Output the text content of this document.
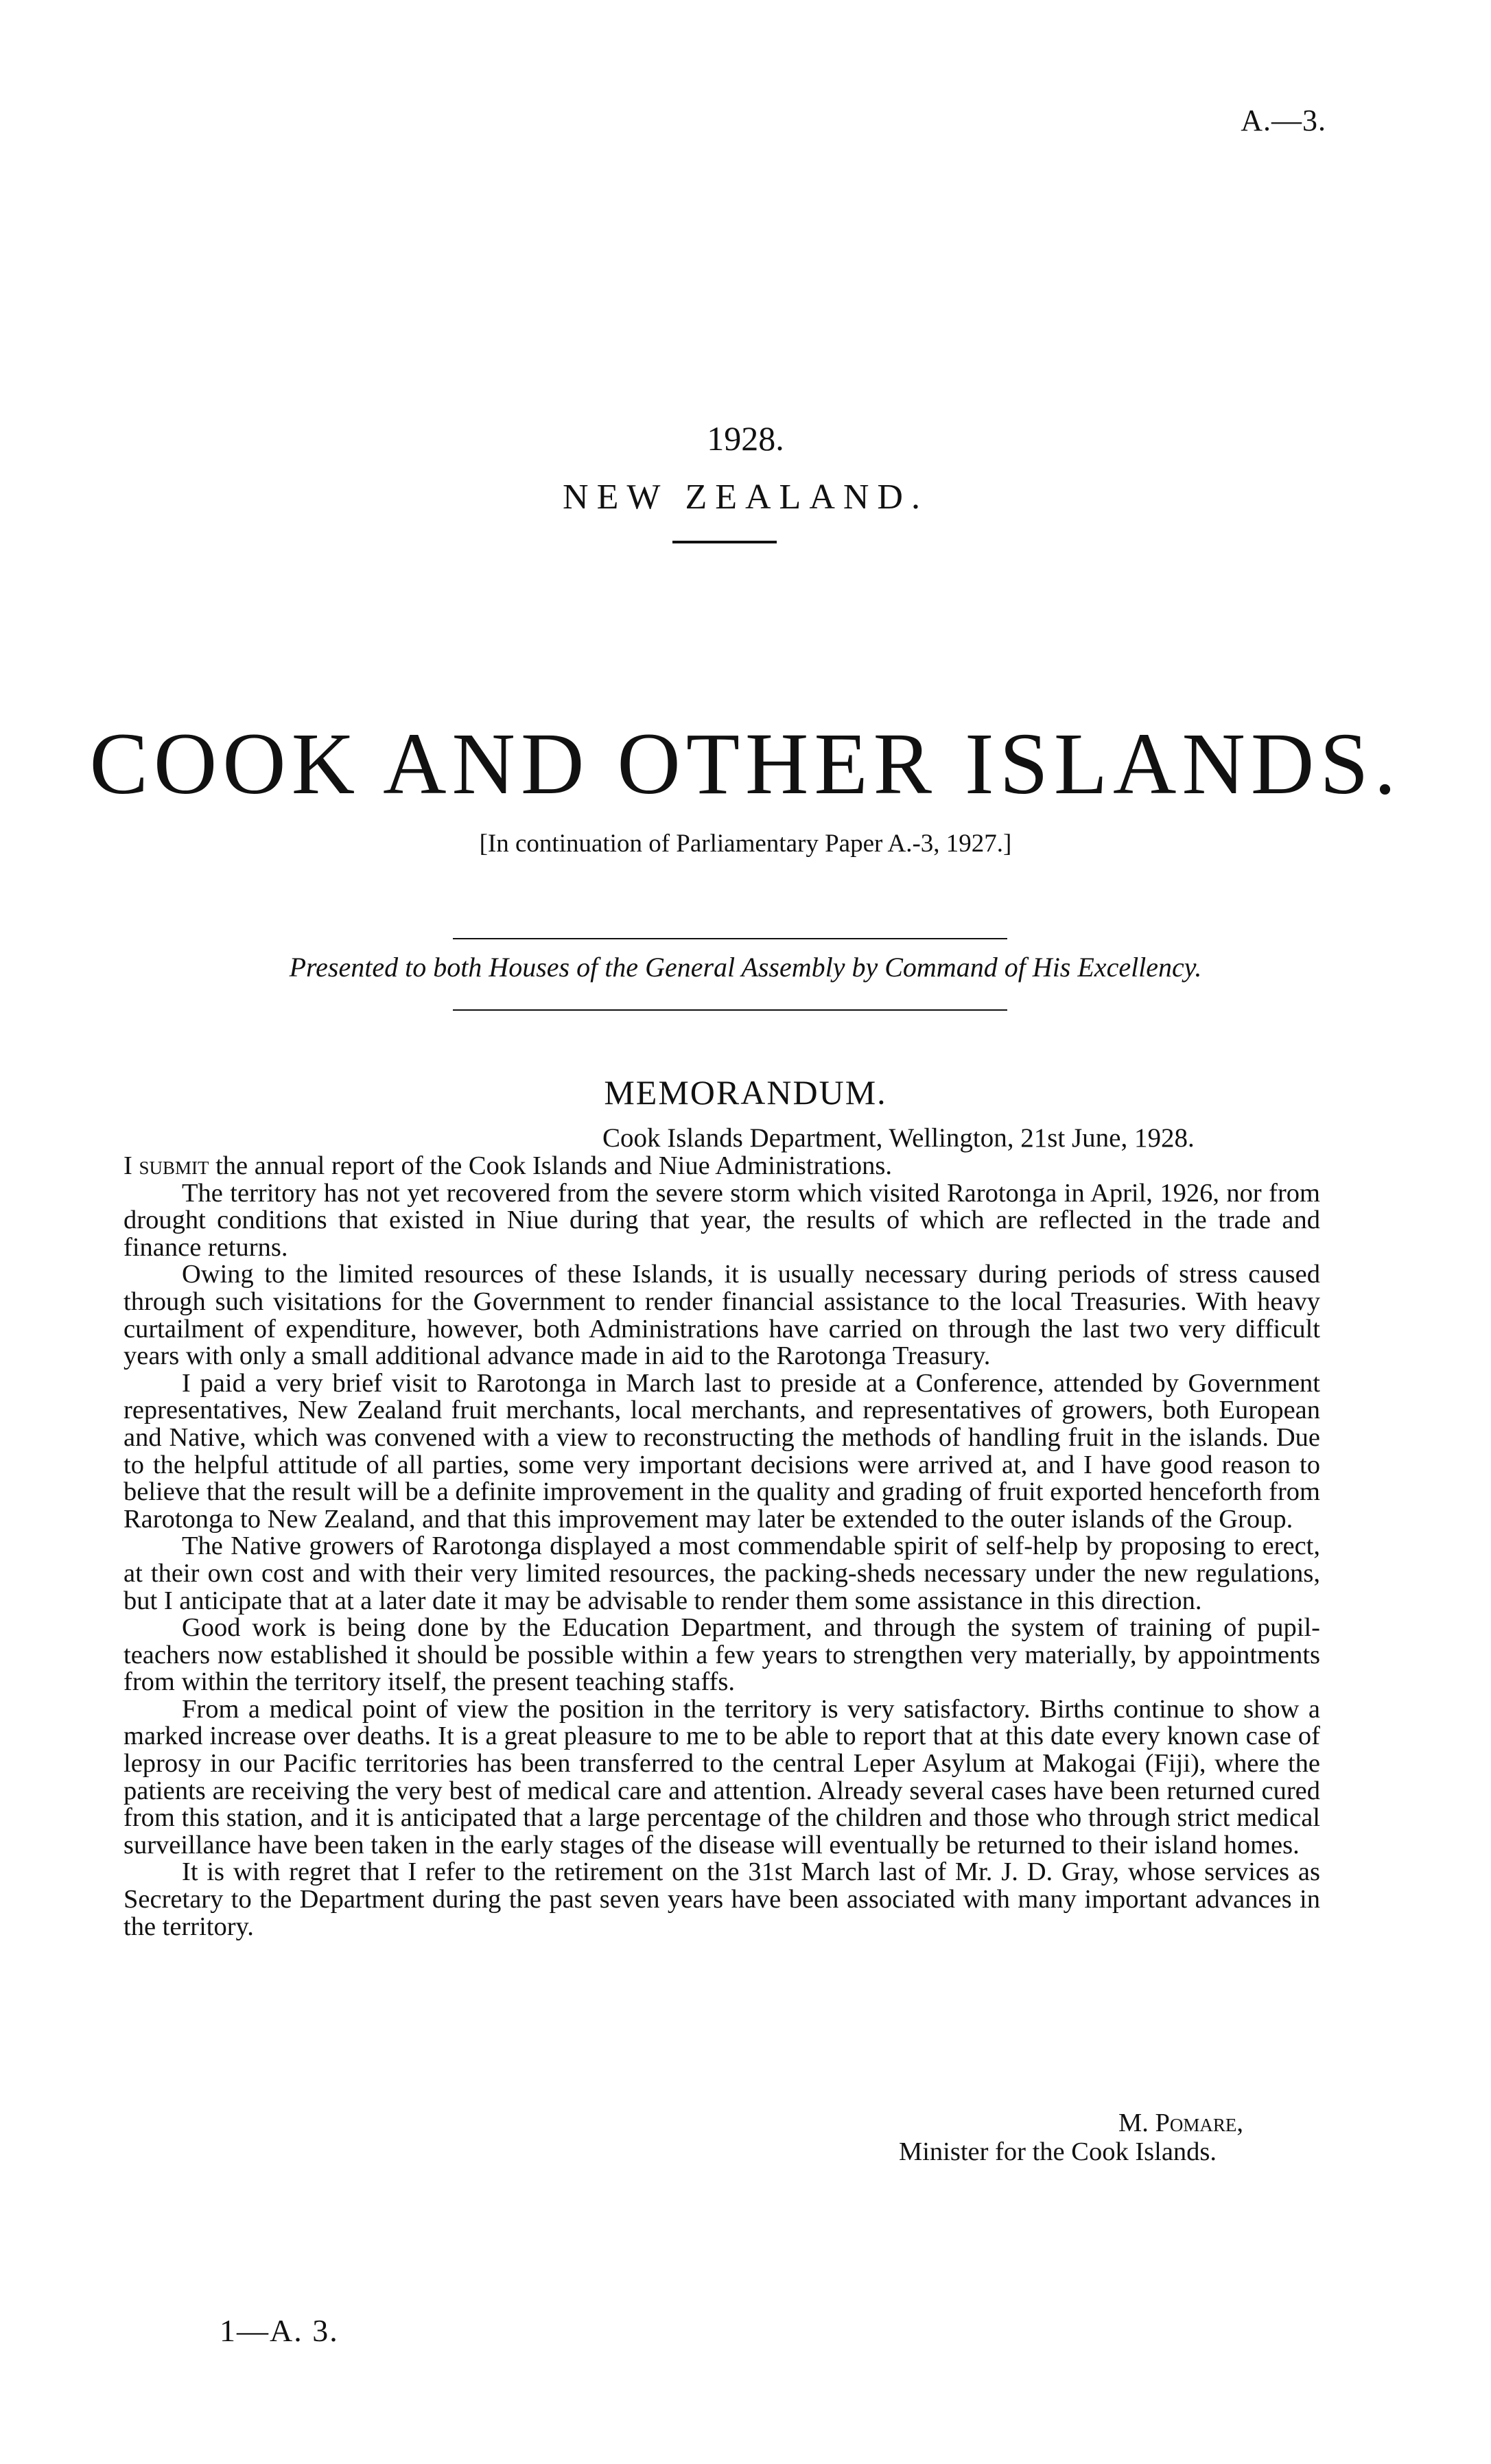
A.—3.
1928.
NEW ZEALAND.
COOK AND OTHER ISLANDS.
[In continuation of Parliamentary Paper A.-3, 1927.]
Presented to both Houses of the General Assembly by Command of His Excellency.
MEMORANDUM.
Cook Islands Department, Wellington, 21st June, 1928.

I submit the annual report of the Cook Islands and Niue Administrations.

The territory has not yet recovered from the severe storm which visited Rarotonga in April, 1926, nor from drought conditions that existed in Niue during that year, the results of which are reflected in the trade and finance returns.

Owing to the limited resources of these Islands, it is usually necessary during periods of stress caused through such visitations for the Government to render financial assistance to the local Treasuries. With heavy curtailment of expenditure, however, both Administrations have carried on through the last two very difficult years with only a small additional advance made in aid to the Rarotonga Treasury.

I paid a very brief visit to Rarotonga in March last to preside at a Conference, attended by Government representatives, New Zealand fruit merchants, local merchants, and representatives of growers, both European and Native, which was convened with a view to reconstructing the methods of handling fruit in the islands. Due to the helpful attitude of all parties, some very important decisions were arrived at, and I have good reason to believe that the result will be a definite improvement in the quality and grading of fruit exported henceforth from Rarotonga to New Zealand, and that this improvement may later be extended to the outer islands of the Group.

The Native growers of Rarotonga displayed a most commendable spirit of self-help by proposing to erect, at their own cost and with their very limited resources, the packing-sheds necessary under the new regulations, but I anticipate that at a later date it may be advisable to render them some assistance in this direction.

Good work is being done by the Education Department, and through the system of training of pupil-teachers now established it should be possible within a few years to strengthen very materially, by appointments from within the territory itself, the present teaching staffs.

From a medical point of view the position in the territory is very satisfactory. Births continue to show a marked increase over deaths. It is a great pleasure to me to be able to report that at this date every known case of leprosy in our Pacific territories has been transferred to the central Leper Asylum at Makogai (Fiji), where the patients are receiving the very best of medical care and attention. Already several cases have been returned cured from this station, and it is anticipated that a large percentage of the children and those who through strict medical surveillance have been taken in the early stages of the disease will eventually be returned to their island homes.

It is with regret that I refer to the retirement on the 31st March last of Mr. J. D. Gray, whose services as Secretary to the Department during the past seven years have been associated with many important advances in the territory.

M. Pomare,
Minister for the Cook Islands.
1—A. 3.
